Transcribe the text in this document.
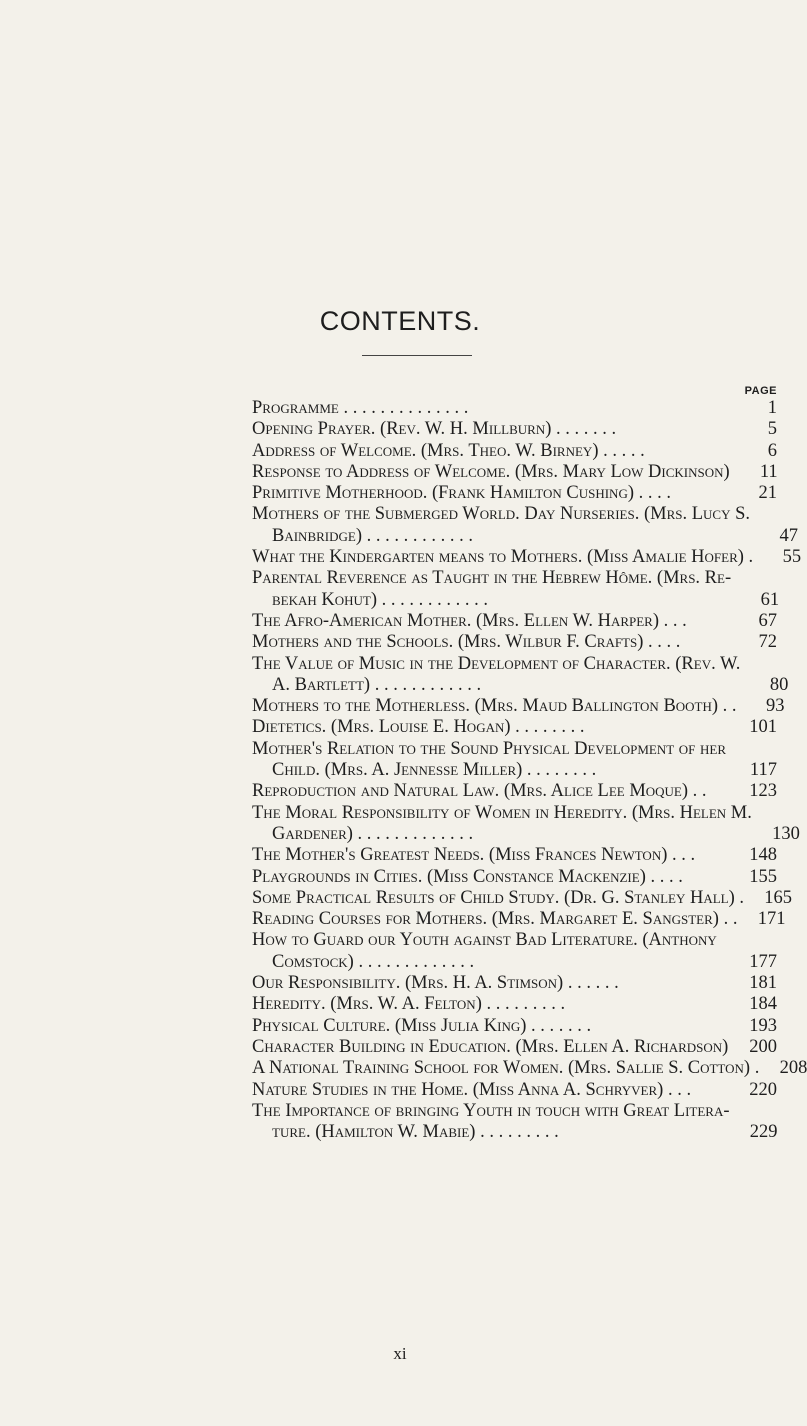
CONTENTS.
PAGE
Programme . . . . . . . . . . . . . .	1
Opening Prayer. (Rev. W. H. Millburn) . . . . . . .	5
Address of Welcome. (Mrs. Theo. W. Birney) . . . . .	6
Response to Address of Welcome. (Mrs. Mary Low Dickinson)	11
Primitive Motherhood. (Frank Hamilton Cushing) . . . .	21
Mothers of the Submerged World. Day Nurseries. (Mrs. Lucy S.
Bainbridge) . . . . . . . . . . . .	47
What the Kindergarten means to Mothers. (Miss Amalie Hofer) .	55
Parental Reverence as Taught in the Hebrew Hôme. (Mrs. Re-
bekah Kohut) . . . . . . . . . . . .	61
The Afro-American Mother. (Mrs. Ellen W. Harper) . . .	67
Mothers and the Schools. (Mrs. Wilbur F. Crafts) . . . .	72
The Value of Music in the Development of Character. (Rev. W.
A. Bartlett) . . . . . . . . . . . .	80
Mothers to the Motherless. (Mrs. Maud Ballington Booth) . .	93
Dietetics. (Mrs. Louise E. Hogan) . . . . . . . .	101
Mother's Relation to the Sound Physical Development of her
Child. (Mrs. A. Jennesse Miller) . . . . . . . .	117
Reproduction and Natural Law. (Mrs. Alice Lee Moque) . .	123
The Moral Responsibility of Women in Heredity. (Mrs. Helen M.
Gardener) . . . . . . . . . . . . .	130
The Mother's Greatest Needs. (Miss Frances Newton) . . .	148
Playgrounds in Cities. (Miss Constance Mackenzie) . . . .	155
Some Practical Results of Child Study. (Dr. G. Stanley Hall) .	165
Reading Courses for Mothers. (Mrs. Margaret E. Sangster) . .	171
How to Guard our Youth against Bad Literature. (Anthony
Comstock) . . . . . . . . . . . . .	177
Our Responsibility. (Mrs. H. A. Stimson) . . . . . .	181
Heredity. (Mrs. W. A. Felton) . . . . . . . . .	184
Physical Culture. (Miss Julia King) . . . . . . .	193
Character Building in Education. (Mrs. Ellen A. Richardson)	200
A National Training School for Women. (Mrs. Sallie S. Cotton) .	208
Nature Studies in the Home. (Miss Anna A. Schryver) . . .	220
The Importance of bringing Youth in touch with Great Litera-
ture. (Hamilton W. Mabie) . . . . . . . . .	229
xi
